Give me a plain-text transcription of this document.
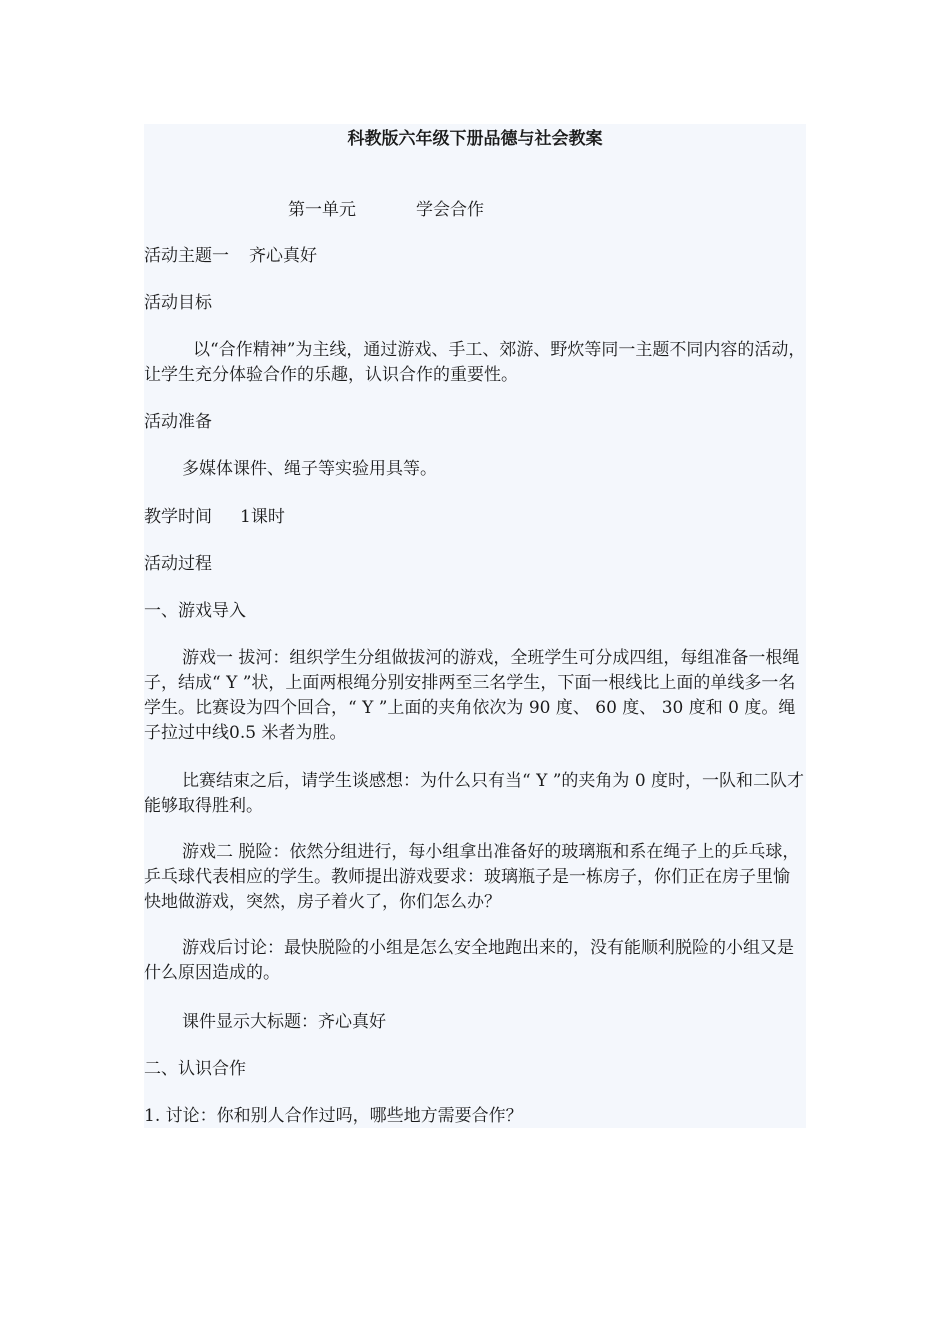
科教版六年级下册品德与社会教案
第一单元	学会合作
活动主题一 齐心真好
活动目标
以“合作精神”为主线，通过游戏、手工、郊游、野炊等同一主题不同内容的活动，让学生充分体验合作的乐趣，认识合作的重要性。
活动准备
多媒体课件、绳子等实验用具等。
教学时间 1课时
活动过程
一、游戏导入
游戏一 拔河：组织学生分组做拔河的游戏，全班学生可分成四组，每组准备一根绳子，结成“ Y ”状，上面两根绳分别安排两至三名学生，下面一根线比上面的单线多一名学生。比赛设为四个回合，“ Y ”上面的夹角依次为 90 度、 60 度、 30 度和 0 度。绳子拉过中线0.5 米者为胜。
比赛结束之后，请学生谈感想：为什么只有当“ Y ”的夹角为 0 度时，一队和二队才能够取得胜利。
游戏二 脱险：依然分组进行，每小组拿出准备好的玻璃瓶和系在绳子上的乒乓球，乒乓球代表相应的学生。教师提出游戏要求：玻璃瓶子是一栋房子，你们正在房子里愉快地做游戏，突然，房子着火了，你们怎么办？
游戏后讨论：最快脱险的小组是怎么安全地跑出来的，没有能顺利脱险的小组又是什么原因造成的。
课件显示大标题：齐心真好
二、认识合作
1. 讨论：你和别人合作过吗，哪些地方需要合作？
